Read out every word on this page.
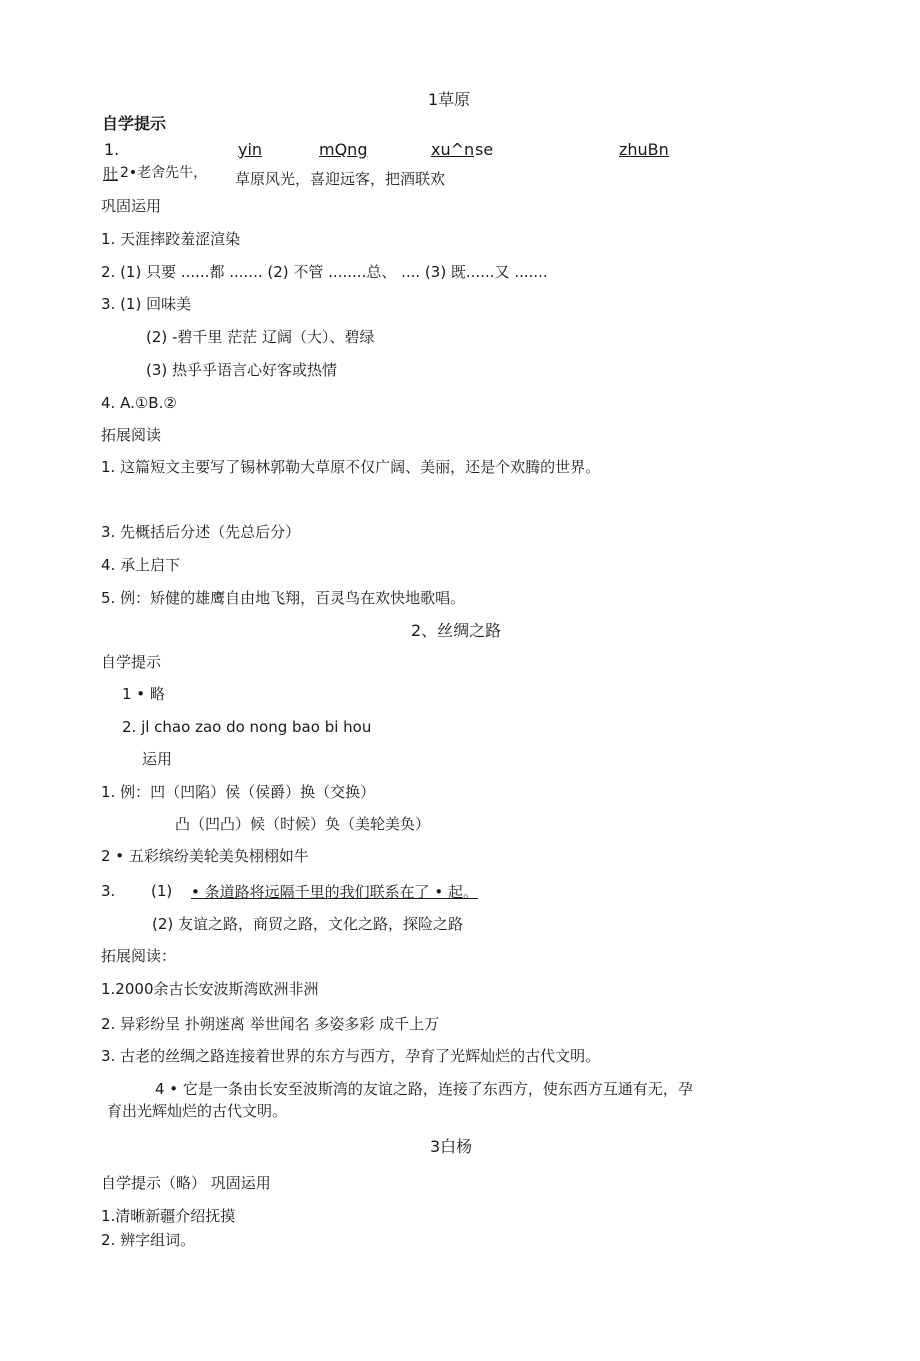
1草原
自学提示
1.	yin	mQng	xu^n se	zhuBn
肚 2•老舍先牛， 草原风光，喜迎远客，把酒联欢
巩固运用
1. 天涯摔跤羞涩渲染
2. (1) 只要 ......都 ....... (2) 不管 ........总、 .... (3) 既......又 .......
3. (1) 回味美
(2) -碧千里 茫茫 辽阔（大）、碧绿
(3) 热乎乎语言心好客或热情
4. A.①B.②
拓展阅读
1. 这篇短文主要写了锡林郭勒大草原不仅广阔、美丽，还是个欢腾的世界。
3. 先概括后分述（先总后分）
4. 承上启下
5. 例：矫健的雄鹰自由地飞翔，百灵鸟在欢快地歌唱。
2、丝绸之路
自学提示
1 • 略
2. jl chao zao do nong bao bi hou
运用
1. 例：凹（凹陷）侯（侯爵）换（交换）
凸（凹凸）候（时候）奂（美轮美奂）
2 • 五彩缤纷美轮美奂栩栩如牛
3. (1) • 条道路将远隔千里的我们联系在了 • 起。
(2) 友谊之路，商贸之路，文化之路，探险之路
拓展阅读：
1.2000余古长安波斯湾欧洲非洲
2. 异彩纷呈 扑朔迷离 举世闻名 多姿多彩 成千上万
3. 古老的丝绸之路连接着世界的东方与西方，孕育了光辉灿烂的古代文明。
4 • 它是一条由长安至波斯湾的友谊之路，连接了东西方，使东西方互通有无，孕
育出光辉灿烂的古代文明。
3白杨
自学提示（略） 巩固运用
1.清晰新疆介绍抚摸
2. 辨字组词。
